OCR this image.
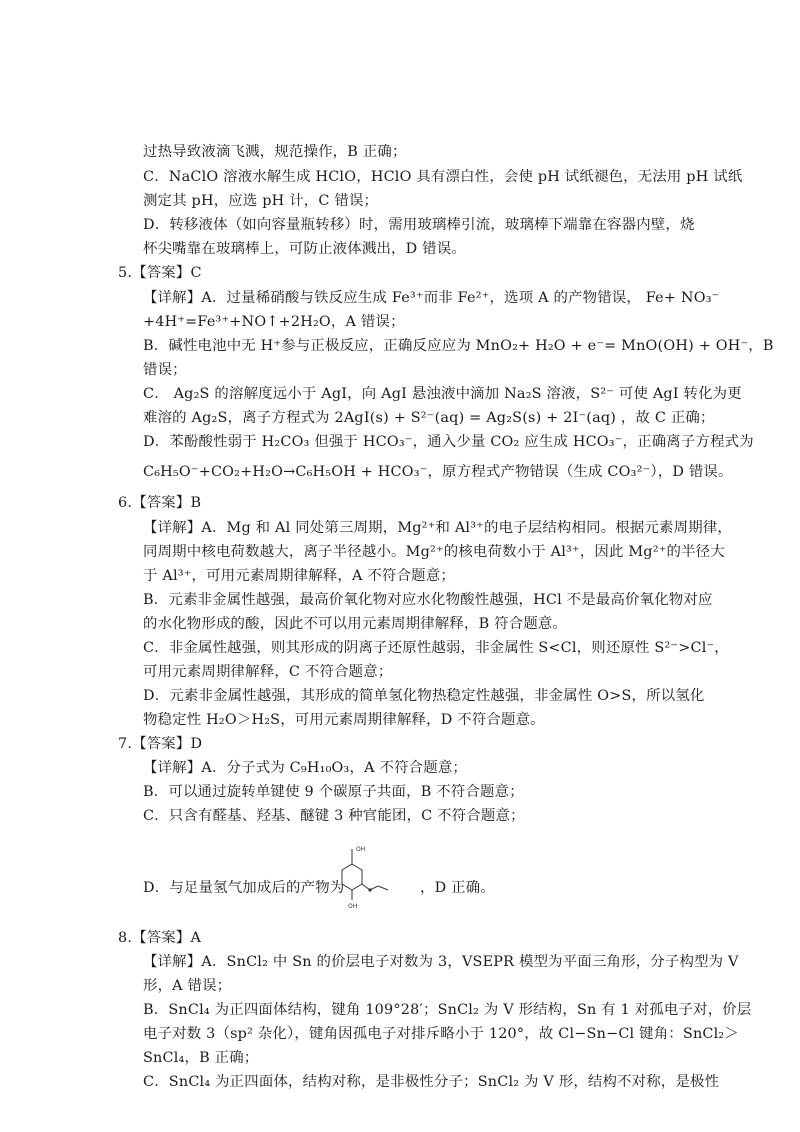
过热导致液滴飞溅，规范操作，B 正确；
C．NaClO 溶液水解生成 HClO，HClO 具有漂白性，会使 pH 试纸褪色，无法用 pH 试纸
测定其 pH，应选 pH 计，C 错误；
D．转移液体（如向容量瓶转移）时，需用玻璃棒引流，玻璃棒下端靠在容器内壁，烧
杯尖嘴靠在玻璃棒上，可防止液体溅出，D 错误。
5.【答案】C
【详解】A．过量稀硝酸与铁反应生成 Fe³⁺而非 Fe²⁺，选项 A 的产物错误， Fe+ NO₃⁻
+4H⁺=Fe³⁺+NO↑+2H₂O，A 错误；
B．碱性电池中无 H⁺参与正极反应，正确反应应为 MnO₂+ H₂O + e⁻= MnO(OH) + OH⁻，B
错误；
C． Ag₂S 的溶解度远小于 AgI，向 AgI 悬浊液中滴加 Na₂S 溶液，S²⁻ 可使 AgI 转化为更
难溶的 Ag₂S，离子方程式为 2AgI(s) + S²⁻(aq) = Ag₂S(s) + 2I⁻(aq) ，故 C 正确；
D．苯酚酸性弱于 H₂CO₃ 但强于 HCO₃⁻，通入少量 CO₂ 应生成 HCO₃⁻，正确离子方程式为
C₆H₅O⁻+CO₂+H₂O→C₆H₅OH + HCO₃⁻，原方程式产物错误（生成 CO₃²⁻），D 错误。
6.【答案】B
【详解】A．Mg 和 Al 同处第三周期，Mg²⁺和 Al³⁺的电子层结构相同。根据元素周期律，
同周期中核电荷数越大，离子半径越小。Mg²⁺的核电荷数小于 Al³⁺，因此 Mg²⁺的半径大
于 Al³⁺，可用元素周期律解释，A 不符合题意；
B．元素非金属性越强，最高价氧化物对应水化物酸性越强，HCl 不是最高价氧化物对应
的水化物形成的酸，因此不可以用元素周期律解释，B 符合题意。
C．非金属性越强，则其形成的阴离子还原性越弱，非金属性 S<Cl，则还原性 S²⁻>Cl⁻，
可用元素周期律解释，C 不符合题意；
D．元素非金属性越强，其形成的简单氢化物热稳定性越强，非金属性 O>S，所以氢化
物稳定性 H₂O＞H₂S，可用元素周期律解释，D 不符合题意。
7.【答案】D
【详解】A．分子式为 C₉H₁₀O₃，A 不符合题意；
B．可以通过旋转单键使 9 个碳原子共面，B 不符合题意；
C．只含有醛基、羟基、醚键 3 种官能团，C 不符合题意；
D．与足量氢气加成后的产物为
OH
OH
，D 正确。
8.【答案】A
【详解】A．SnCl₂ 中 Sn 的价层电子对数为 3，VSEPR 模型为平面三角形，分子构型为 V
形，A 错误；
B．SnCl₄ 为正四面体结构，键角 109°28′；SnCl₂ 为 V 形结构，Sn 有 1 对孤电子对，价层
电子对数 3（sp² 杂化），键角因孤电子对排斥略小于 120°，故 Cl−Sn−Cl 键角：SnCl₂＞
SnCl₄，B 正确；
C．SnCl₄ 为正四面体，结构对称，是非极性分子；SnCl₂ 为 V 形，结构不对称，是极性
